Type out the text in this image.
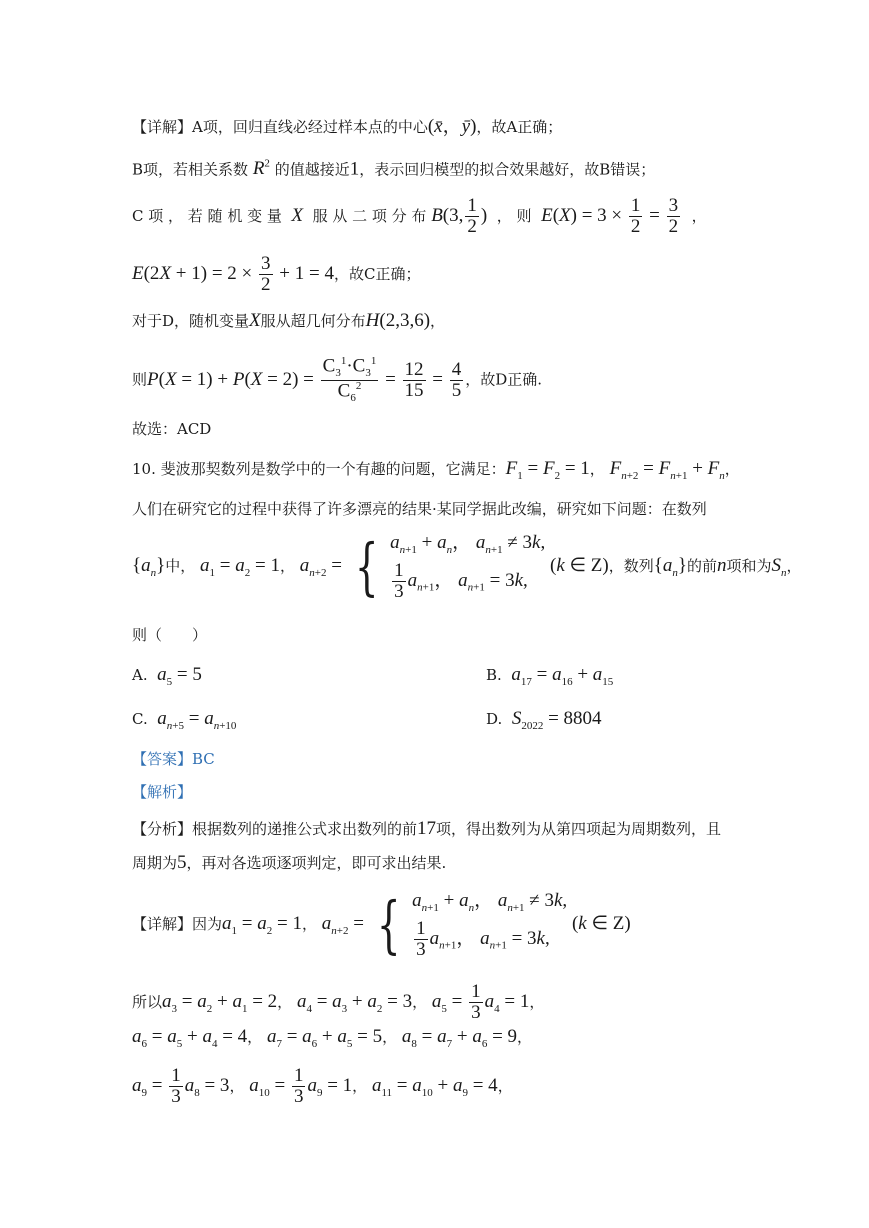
【详解】A项，回归直线必经过样本点的中心(x̄，ȳ)，故A正确；
B项，若相关系数 $R^2$ 的值越接近1，表示回归模型的拟合效果越好，故B错误；
C 项 ， 若 随 机 变 量 X 服 从 二 项 分 布 B(3, $\frac{1}{2}$ ) ， 则 $E(X) = 3 \times \frac{1}{2} = \frac{3}{2}$ ，
$E(2X + 1) = 2 \times \frac{3}{2} + 1 = 4$，故C正确；
对于D，随机变量X服从超几何分布H(2,3,6)，
则$P(X = 1) + P(X = 2) = \frac{C_3^1\cdot C_3^1}{C_6^2} = \frac{12}{15} = \frac{4}{5}$ ，故D正确.
故选：ACD
10. 斐波那契数列是数学中的一个有趣的问题，它满足：$F_1 = F_2 = 1$， $F_{n+2} = F_{n+1} + F_n$，
人们在研究它的过程中获得了许多漂亮的结果·某同学据此改编，研究如下问题：在数列
$\{a_n\}$中， $a_1 = a_2 = 1$， $a_{n+2}$ = { $a_{n+1} + a_n$， $a_{n+1} \ne 3k$,
$\frac{1}{3} a_{n+1}$， $a_{n+1} = 3k$,
(k ∈ Z)，数列$\{a_n\}$的前n项和为$S_n$，
则（　　）
A. $a_5 = 5$	B. $a_{17} = a_{16} + a_{15}$
C. $a_{n+5} = a_{n+10}$	D. $S_{2022} = 8804$
【答案】BC
【解析】
【分析】根据数列的递推公式求出数列的前17项，得出数列为从第四项起为周期数列，且
周期为5，再对各选项逐项判定，即可求出结果.
【详解】因为$a_1 = a_2 = 1$， $a_{n+2}$ = { $a_{n+1} + a_n$， $a_{n+1} \ne 3k$,
$\frac{1}{3} a_{n+1}$， $a_{n+1} = 3k$,
(k ∈ Z)
所以$a_3 = a_2 + a_1 = 2$， $a_4 = a_3 + a_2 = 3$， $a_5 = \frac{1}{3} a_4 = 1$，
$a_6 = a_5 + a_4 = 4$， $a_7 = a_6 + a_5 = 5$， $a_8 = a_7 + a_6 = 9$，
$a_9 = \frac{1}{3} a_8 = 3$， $a_{10} = \frac{1}{3} a_9 = 1$， $a_{11} = a_{10} + a_9 = 4$，
